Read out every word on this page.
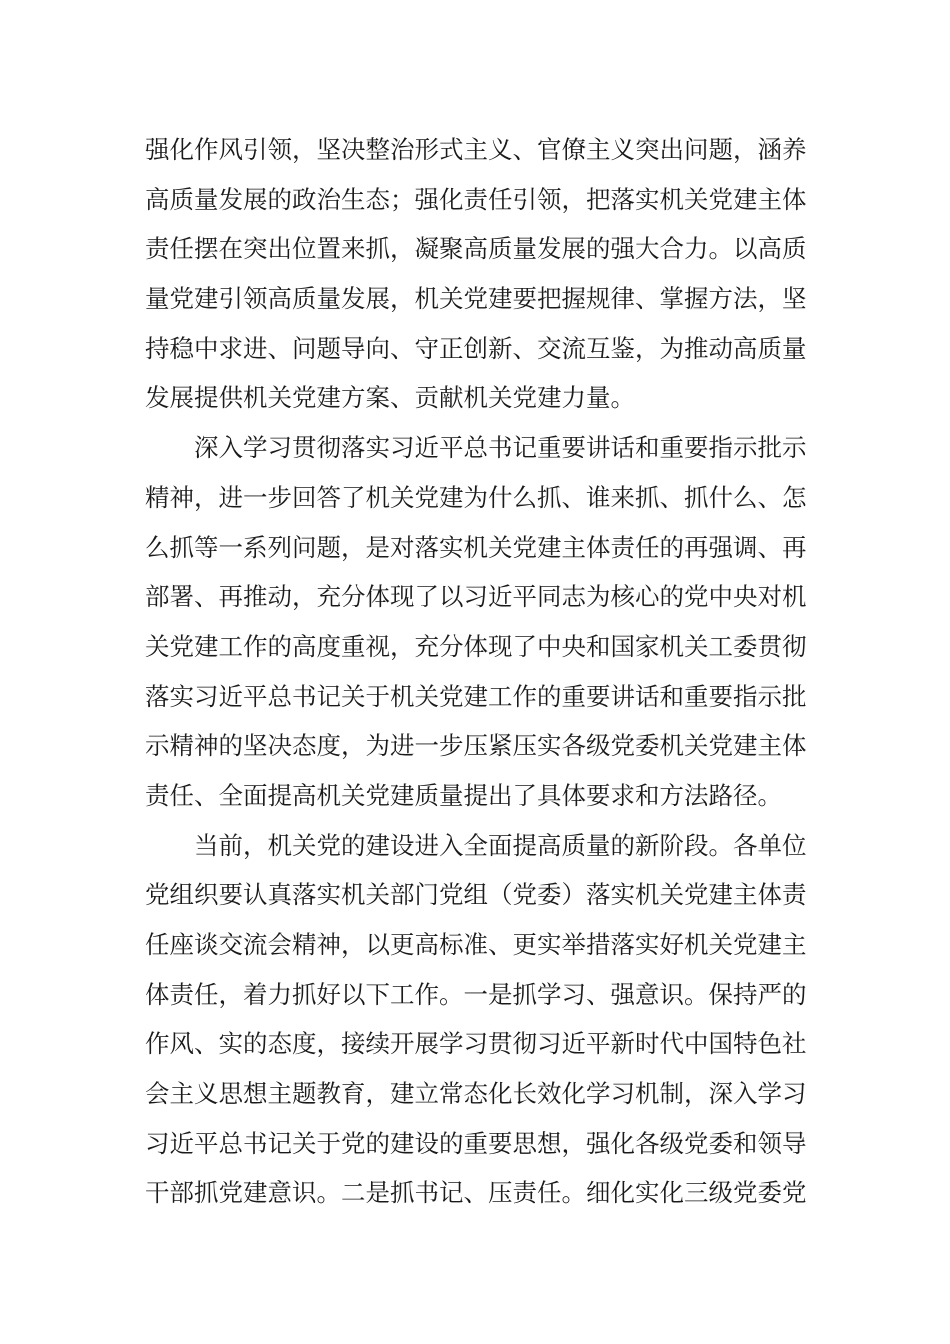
强化作风引领，坚决整治形式主义、官僚主义突出问题，涵养
高质量发展的政治生态；强化责任引领，把落实机关党建主体
责任摆在突出位置来抓，凝聚高质量发展的强大合力。以高质
量党建引领高质量发展，机关党建要把握规律、掌握方法，坚
持稳中求进、问题导向、守正创新、交流互鉴，为推动高质量
发展提供机关党建方案、贡献机关党建力量。
深入学习贯彻落实习近平总书记重要讲话和重要指示批示
精神，进一步回答了机关党建为什么抓、谁来抓、抓什么、怎
么抓等一系列问题，是对落实机关党建主体责任的再强调、再
部署、再推动，充分体现了以习近平同志为核心的党中央对机
关党建工作的高度重视，充分体现了中央和国家机关工委贯彻
落实习近平总书记关于机关党建工作的重要讲话和重要指示批
示精神的坚决态度，为进一步压紧压实各级党委机关党建主体
责任、全面提高机关党建质量提出了具体要求和方法路径。
当前，机关党的建设进入全面提高质量的新阶段。各单位
党组织要认真落实机关部门党组（党委）落实机关党建主体责
任座谈交流会精神，以更高标准、更实举措落实好机关党建主
体责任，着力抓好以下工作。一是抓学习、强意识。保持严的
作风、实的态度，接续开展学习贯彻习近平新时代中国特色社
会主义思想主题教育，建立常态化长效化学习机制，深入学习
习近平总书记关于党的建设的重要思想，强化各级党委和领导
干部抓党建意识。二是抓书记、压责任。细化实化三级党委党
